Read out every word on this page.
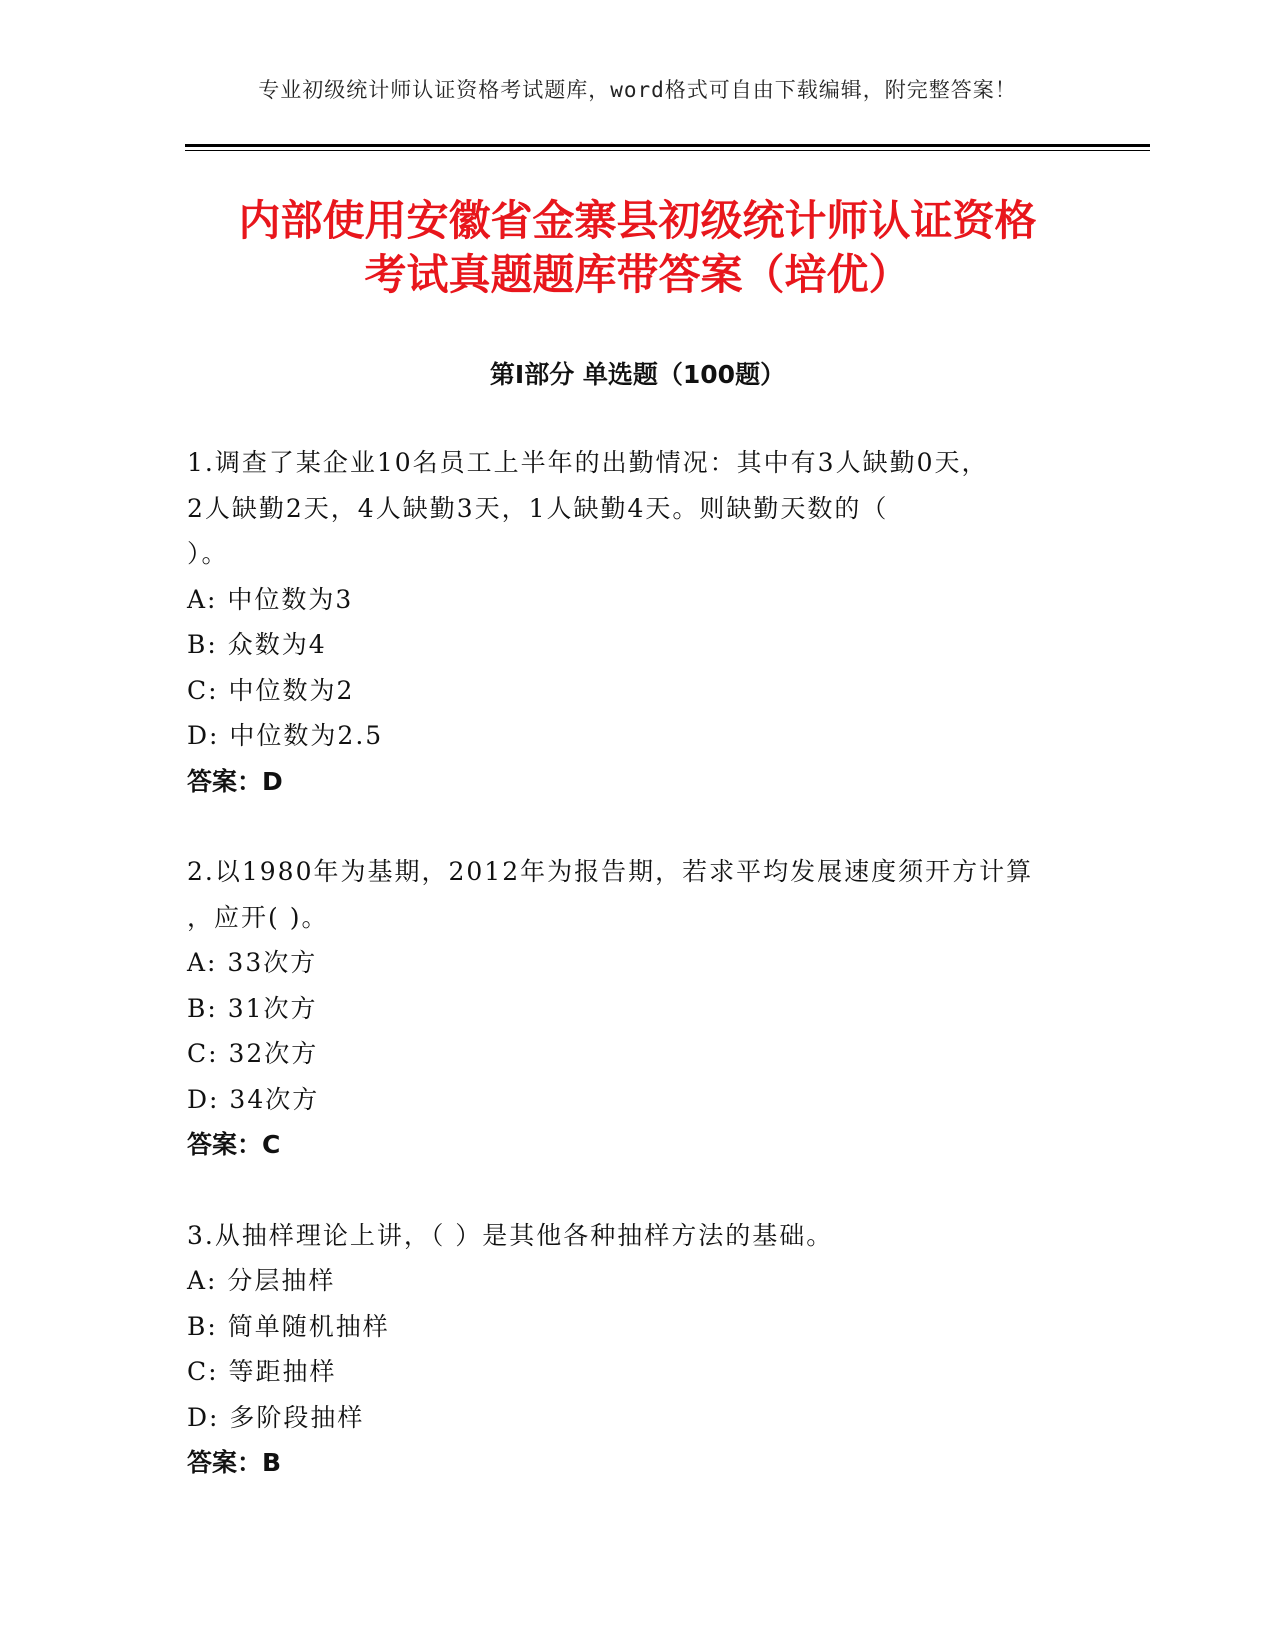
专业初级统计师认证资格考试题库，word格式可自由下载编辑，附完整答案！
内部使用安徽省金寨县初级统计师认证资格
考试真题题库带答案（培优）
第Ⅰ部分 单选题（100题）
1.调查了某企业10名员工上半年的出勤情况：其中有3人缺勤0天，
2人缺勤2天，4人缺勤3天，1人缺勤4天。则缺勤天数的（
）。
A: 中位数为3
B: 众数为4
C: 中位数为2
D: 中位数为2.5
答案：D
2.以1980年为基期，2012年为报告期，若求平均发展速度须开方计算
，应开( )。
A: 33次方
B: 31次方
C: 32次方
D: 34次方
答案：C
3.从抽样理论上讲，（ ）是其他各种抽样方法的基础。
A: 分层抽样
B: 简单随机抽样
C: 等距抽样
D: 多阶段抽样
答案：B
